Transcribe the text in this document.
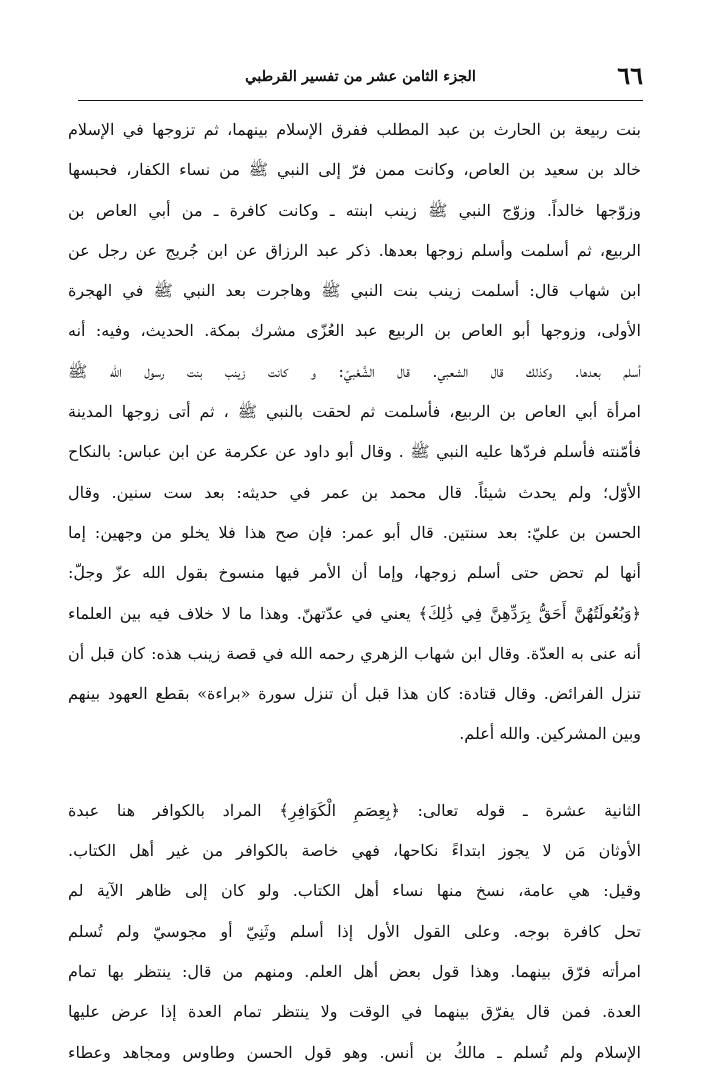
٦٦
الجزء الثامن عشر من تفسير القرطبي
بنت ربيعة بن الحارث بن عبد المطلب ففرق الإسلام بينهما، ثم تزوجها في الإسلام
خالد بن سعيد بن العاص، وكانت ممن فرّ إلى النبي ﷺ من نساء الكفار، فحبسها
وزوّجها خالداً. وزوّج النبي ﷺ زينب ابنته ـ وكانت كافرة ـ من أبي العاص بن
الربيع، ثم أسلمت وأسلم زوجها بعدها. ذكر عبد الرزاق عن ابن جُريج عن رجل عن
ابن شهاب قال: أسلمت زينب بنت النبي ﷺ وهاجرت بعد النبي ﷺ في الهجرة
الأولى، وزوجها أبو العاص بن الربيع عبد العُزّى مشرك بمكة. الحديث، وفيه: أنه
أسلم بعدها. وكذلك قال الشعبي. قال الشَّعْبيّ: و كانت زينب بنت رسول الله ﷺ
امرأة أبي العاص بن الربيع، فأسلمت ثم لحقت بالنبي ﷺ ، ثم أتى زوجها المدينة
فأمّنته فأسلم فردّها عليه النبي ﷺ . وقال أبو داود عن عكرمة عن ابن عباس: بالنكاح
الأوّل؛ ولم يحدث شيئاً. قال محمد بن عمر في حديثه: بعد ست سنين. وقال
الحسن بن عليّ: بعد سنتين. قال أبو عمر: فإن صح هذا فلا يخلو من وجهين: إما
أنها لم تحض حتى أسلم زوجها، وإما أن الأمر فيها منسوخ بقول الله عزّ وجلّ:
﴿وَبُعُولَتُهُنَّ أَحَقُّ بِرَدِّهِنَّ فِي ذَٰلِكَ﴾ يعني في عدّتهنّ. وهذا ما لا خلاف فيه بين العلماء
أنه عنى به العدّة. وقال ابن شهاب الزهري رحمه الله في قصة زينب هذه: كان قبل أن
تنزل الفرائض. وقال قتادة: كان هذا قبل أن تنزل سورة «براءة» بقطع العهود بينهم
وبين المشركين. والله أعلم.
الثانية عشرة ـ قوله تعالى: ﴿بِعِصَمِ الْكَوَافِرِ﴾ المراد بالكوافر هنا عبدة
الأوثان مَن لا يجوز ابتداءً نكاحها، فهي خاصة بالكوافر من غير أهل الكتاب.
وقيل: هي عامة، نسخ منها نساء أهل الكتاب. ولو كان إلى ظاهر الآية لم
تحل كافرة بوجه. وعلى القول الأول إذا أسلم وثَنِيّ أو مجوسيّ ولم تُسلم
امرأته فرّق بينهما. وهذا قول بعض أهل العلم. ومنهم من قال: ينتظر بها تمام
العدة. فمن قال يفرّق بينهما في الوقت ولا ينتظر تمام العدة إذا عرض عليها
الإسلام ولم تُسلم ـ مالكُ بن أنس. وهو قول الحسن وطاوس ومجاهد وعطاء
